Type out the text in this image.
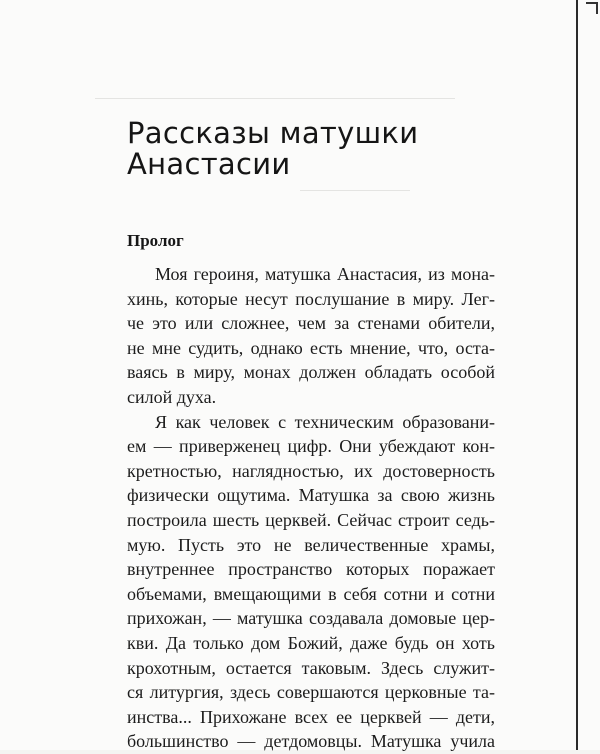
Рассказы матушки
Анастасии
Пролог
Моя героиня, матушка Анастасия, из мона-
хинь, которые несут послушание в миру. Лег-
че это или сложнее, чем за стенами обители,
не мне судить, однако есть мнение, что, оста-
ваясь в миру, монах должен обладать особой
силой духа.
Я как человек с техническим образовани-
ем — приверженец цифр. Они убеждают кон-
кретностью, наглядностью, их достоверность
физически ощутима. Матушка за свою жизнь
построила шесть церквей. Сейчас строит седь-
мую. Пусть это не величественные храмы,
внутреннее пространство которых поражает
объемами, вмещающими в себя сотни и сотни
прихожан, — матушка создавала домовые цер-
кви. Да только дом Божий, даже будь он хоть
крохотным, остается таковым. Здесь служит-
ся литургия, здесь совершаются церковные та-
инства... Прихожане всех ее церквей — дети,
большинство — детдомовцы. Матушка учила
